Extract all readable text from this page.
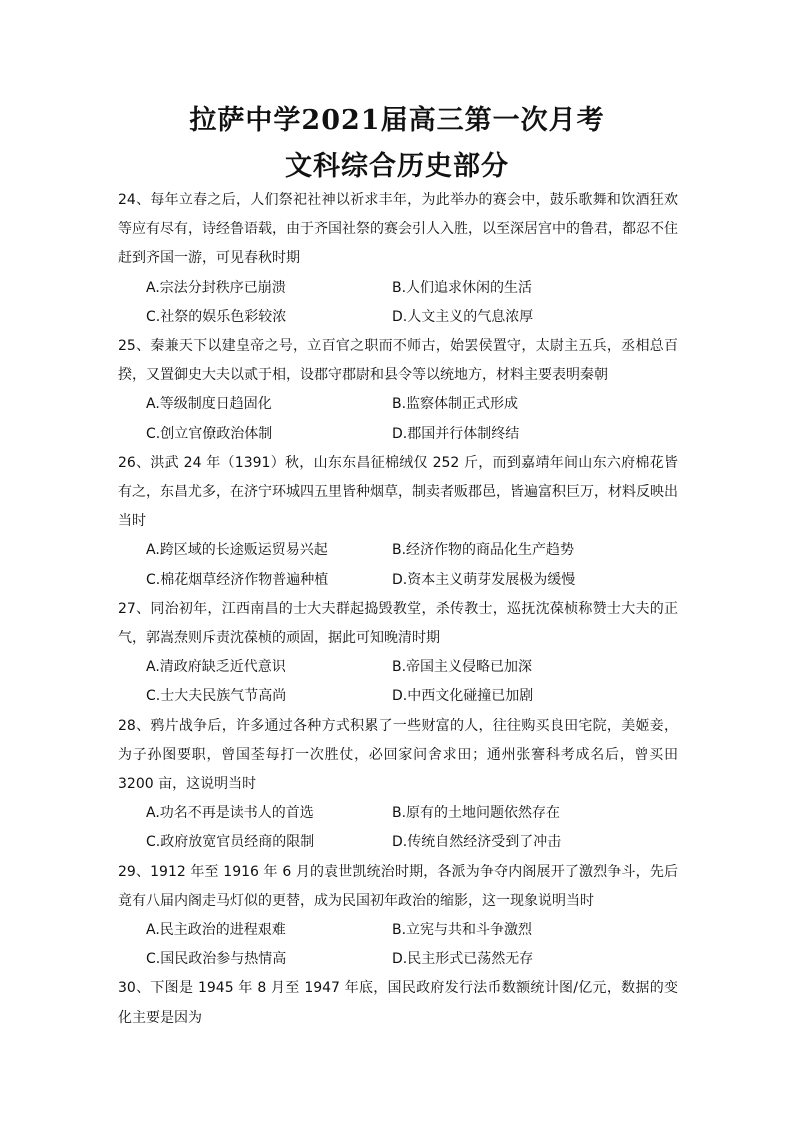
拉萨中学2021届高三第一次月考
文科综合历史部分

24、每年立春之后，人们祭祀社神以祈求丰年，为此举办的赛会中，鼓乐歌舞和饮酒狂欢等应有尽有，诗经鲁语载，由于齐国社祭的赛会引人入胜，以至深居宫中的鲁君，都忍不住赶到齐国一游，可见春秋时期

A.宗法分封秩序已崩溃	B.人们追求休闲的生活
C.社祭的娱乐色彩较浓	D.人文主义的气息浓厚

25、秦兼天下以建皇帝之号，立百官之职而不师古，始罢侯置守，太尉主五兵，丞相总百揆，又置御史大夫以贰于相，设郡守郡尉和县令等以统地方，材料主要表明秦朝

A.等级制度日趋固化	B.监察体制正式形成
C.创立官僚政治体制	D.郡国并行体制终结

26、洪武 24 年（1391）秋，山东东昌征棉绒仅 252 斤，而到嘉靖年间山东六府棉花皆有之，东昌尤多，在济宁环城四五里皆种烟草，制卖者贩郡邑，皆遍富积巨万，材料反映出当时

A.跨区域的长途贩运贸易兴起	B.经济作物的商品化生产趋势
C.棉花烟草经济作物普遍种植	D.资本主义萌芽发展极为缓慢

27、同治初年，江西南昌的士大夫群起捣毁教堂，杀传教士，巡抚沈葆桢称赞士大夫的正气，郭嵩焘则斥责沈葆桢的顽固，据此可知晚清时期

A.清政府缺乏近代意识	B.帝国主义侵略已加深
C.士大夫民族气节高尚	D.中西文化碰撞已加剧

28、鸦片战争后，许多通过各种方式积累了一些财富的人，往往购买良田宅院，美姬妾，为子孙图要职，曾国荃每打一次胜仗，必回家问舍求田；通州张謇科考成名后，曾买田 3200 亩，这说明当时

A.功名不再是读书人的首选	B.原有的土地问题依然存在
C.政府放宽官员经商的限制	D.传统自然经济受到了冲击

29、1912 年至 1916 年 6 月的袁世凯统治时期，各派为争夺内阁展开了激烈争斗，先后竟有八届内阁走马灯似的更替，成为民国初年政治的缩影，这一现象说明当时

A.民主政治的进程艰难	B.立宪与共和斗争激烈
C.国民政治参与热情高	D.民主形式已荡然无存

30、下图是 1945 年 8 月至 1947 年底，国民政府发行法币数额统计图/亿元，数据的变化主要是因为
